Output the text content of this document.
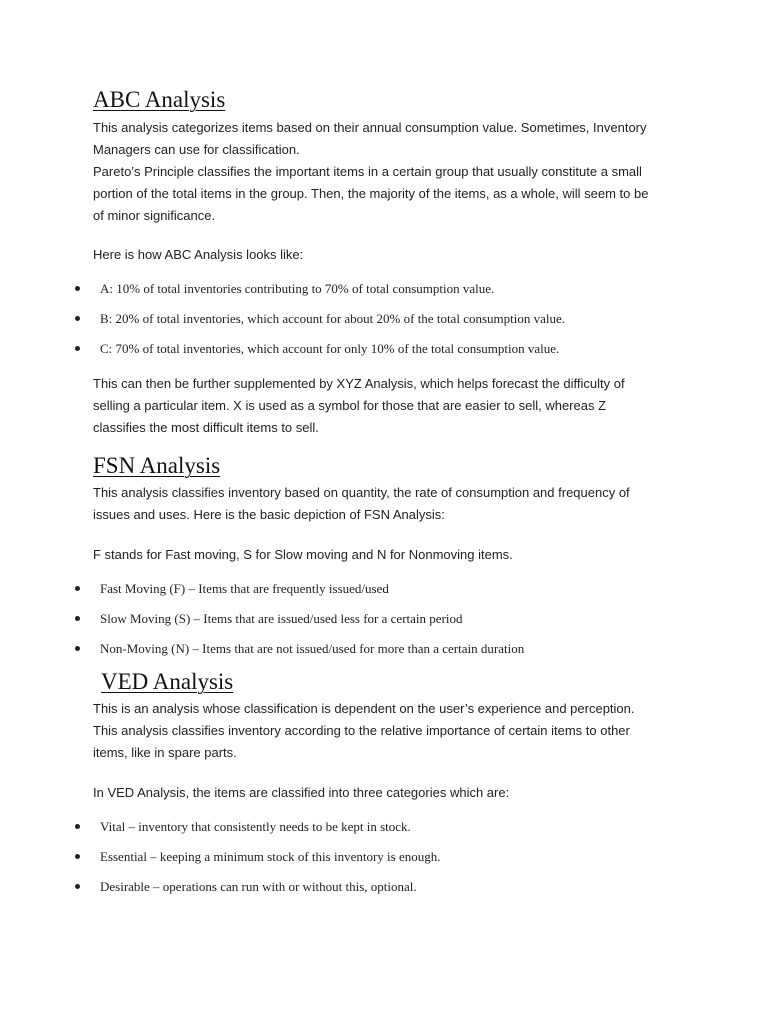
ABC Analysis
This analysis categorizes items based on their annual consumption value. Sometimes, Inventory
Managers can use for classification.
Pareto’s Principle classifies the important items in a certain group that usually constitute a small
portion of the total items in the group. Then, the majority of the items, as a whole, will seem to be
of minor significance.
Here is how ABC Analysis looks like:
A: 10% of total inventories contributing to 70% of total consumption value.
B: 20% of total inventories, which account for about 20% of the total consumption value.
C: 70% of total inventories, which account for only 10% of the total consumption value.
This can then be further supplemented by XYZ Analysis, which helps forecast the difficulty of
selling a particular item. X is used as a symbol for those that are easier to sell, whereas Z
classifies the most difficult items to sell.
FSN Analysis
This analysis classifies inventory based on quantity, the rate of consumption and frequency of
issues and uses. Here is the basic depiction of FSN Analysis:
F stands for Fast moving, S for Slow moving and N for Nonmoving items.
Fast Moving (F) – Items that are frequently issued/used
Slow Moving (S) – Items that are issued/used less for a certain period
Non-Moving (N) – Items that are not issued/used for more than a certain duration
VED Analysis
This is an analysis whose classification is dependent on the user’s experience and perception.
This analysis classifies inventory according to the relative importance of certain items to other
items, like in spare parts.
In VED Analysis, the items are classified into three categories which are:
Vital – inventory that consistently needs to be kept in stock.
Essential – keeping a minimum stock of this inventory is enough.
Desirable – operations can run with or without this, optional.
